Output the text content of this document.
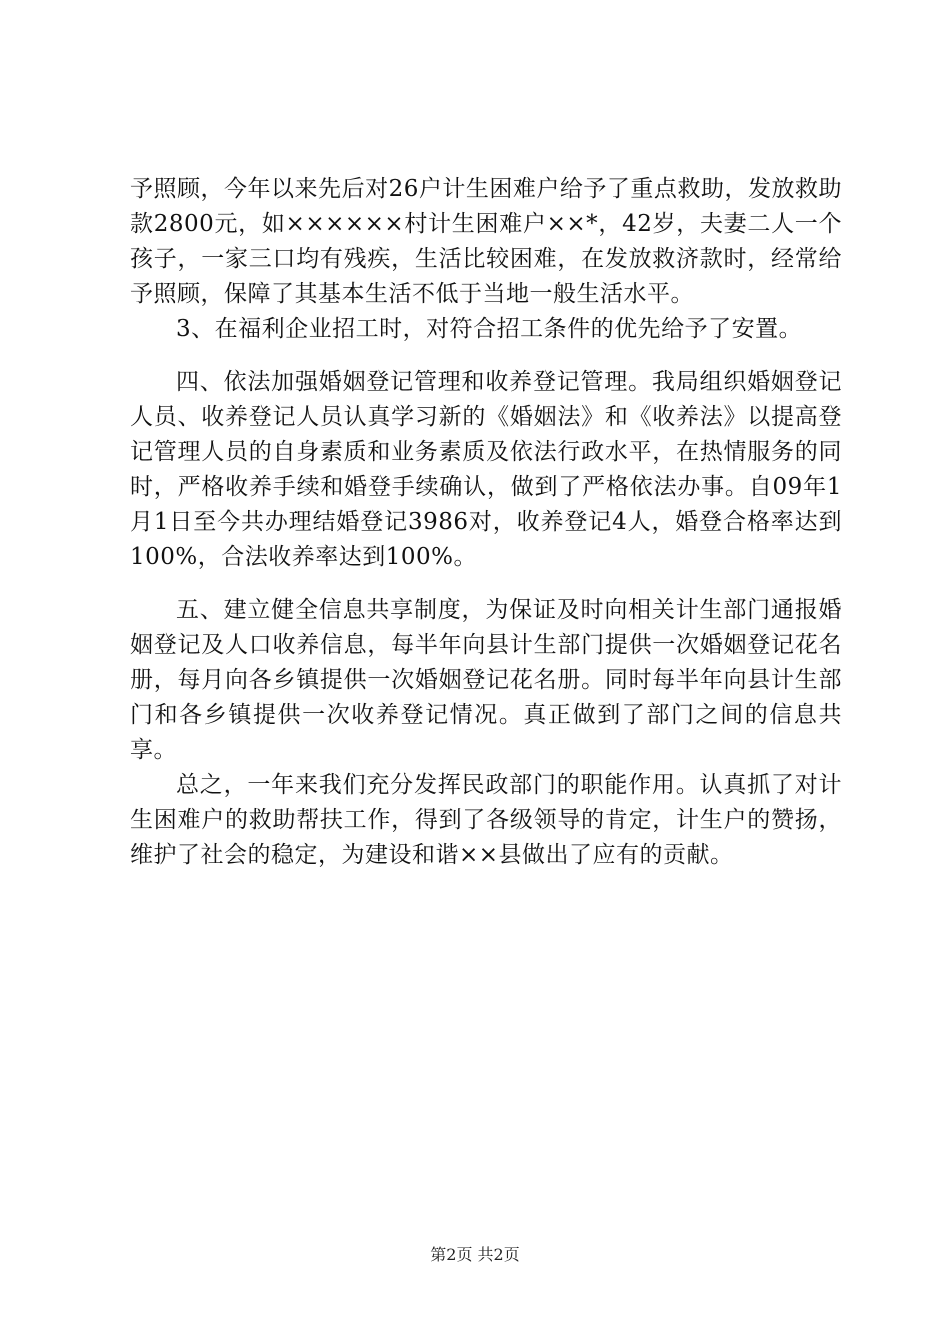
予照顾，今年以来先后对26户计生困难户给予了重点救助，发放救助款2800元，如××××××村计生困难户××*，42岁，夫妻二人一个孩子，一家三口均有残疾，生活比较困难，在发放救济款时，经常给予照顾，保障了其基本生活不低于当地一般生活水平。

3、在福利企业招工时，对符合招工条件的优先给予了安置。

四、依法加强婚姻登记管理和收养登记管理。我局组织婚姻登记人员、收养登记人员认真学习新的《婚姻法》和《收养法》以提高登记管理人员的自身素质和业务素质及依法行政水平，在热情服务的同时，严格收养手续和婚登手续确认，做到了严格依法办事。自09年1月1日至今共办理结婚登记3986对，收养登记4人，婚登合格率达到100%，合法收养率达到100%。

五、建立健全信息共享制度，为保证及时向相关计生部门通报婚姻登记及人口收养信息，每半年向县计生部门提供一次婚姻登记花名册，每月向各乡镇提供一次婚姻登记花名册。同时每半年向县计生部门和各乡镇提供一次收养登记情况。真正做到了部门之间的信息共享。

总之，一年来我们充分发挥民政部门的职能作用。认真抓了对计生困难户的救助帮扶工作，得到了各级领导的肯定，计生户的赞扬，维护了社会的稳定，为建设和谐××县做出了应有的贡献。

第2页 共2页
